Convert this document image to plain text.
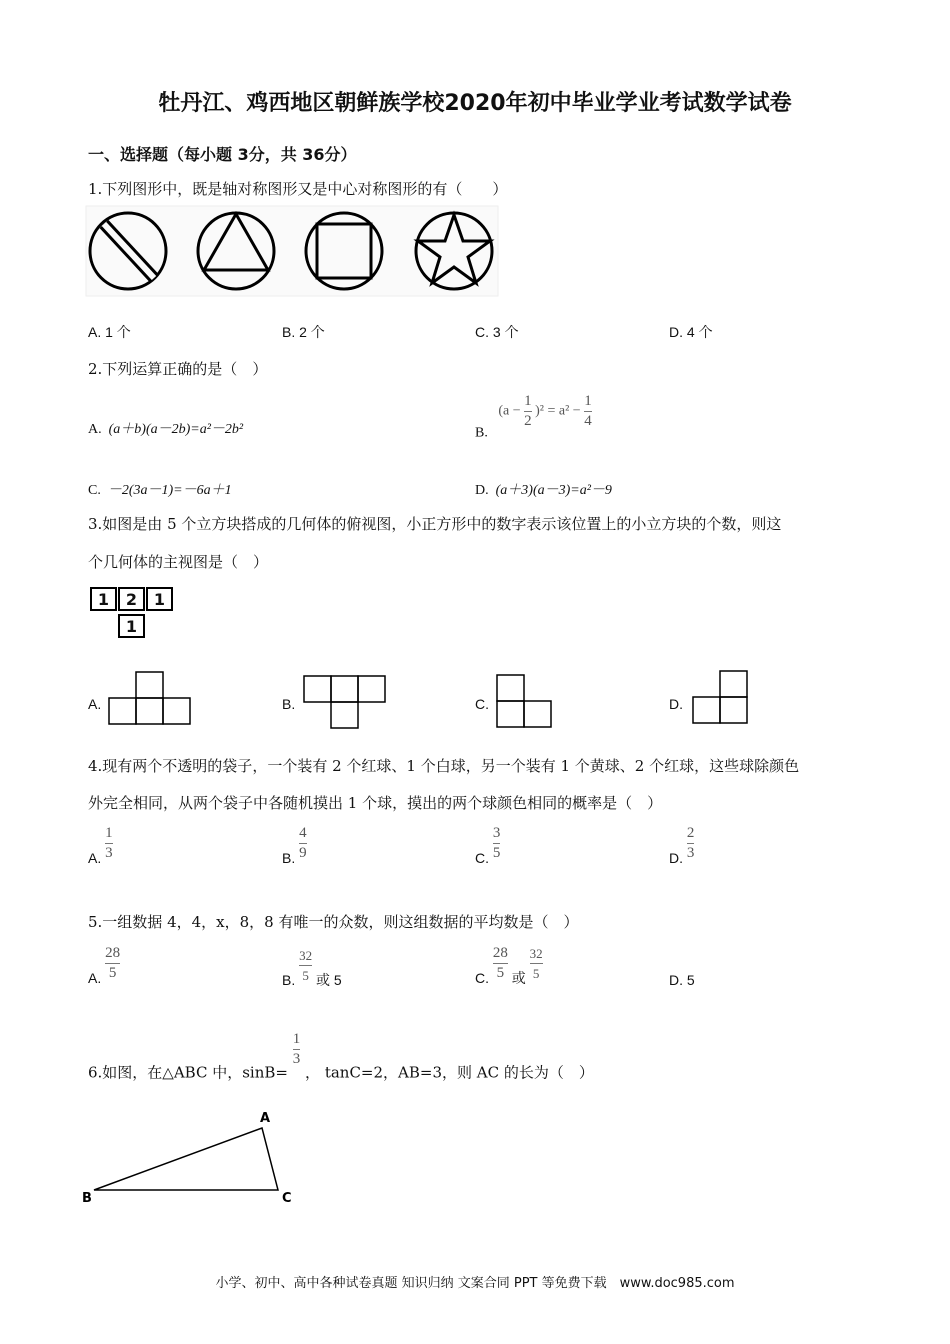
牡丹江、鸡西地区朝鲜族学校2020年初中毕业学业考试数学试卷
一、选择题（每小题 3分，共 36分）
1.下列图形中，既是轴对称图形又是中心对称图形的有（　　）
A. 1 个	B. 2 个	C. 3 个	D. 4 个
2.下列运算正确的是（　）
A. (a＋b)(a－2b)=a²－2b²	B.   $(a - \frac{1}{2} )^2 = a^2 - \frac{1}{4}$
C. －2(3a－1)=－6a＋1	D. (a＋3)(a－3)=a²－9
3.如图是由 5 个立方块搭成的几何体的俯视图，小正方形中的数字表示该位置上的小立方块的个数，则这
个几何体的主视图是（　）
1	2	1
1
A.	B.	C.	D.
4.现有两个不透明的袋子，一个装有 2 个红球、1 个白球，另一个装有 1 个黄球、2 个红球，这些球除颜色
外完全相同，从两个袋子中各随机摸出 1 个球，摸出的两个球颜色相同的概率是（　）
A. $\frac{1}{3}$	B. $\frac{4}{9}$	C. $\frac{3}{5}$	D. $\frac{2}{3}$
5.一组数据 4，4，x，8，8 有唯一的众数，则这组数据的平均数是（　）
A. $\frac{28}{5}$	B. $\frac{32}{5}$ 或 5	C. $\frac{28}{5}$ 或 $\frac{32}{5}$	D. 5
6.如图，在△ABC 中，sinB=
$\frac{1}{3}$
， tanC=2，AB=3，则 AC 的长为（　）
A
B	C
小学、初中、高中各种试卷真题 知识归纳 文案合同 PPT 等免费下载　www.doc985.com
